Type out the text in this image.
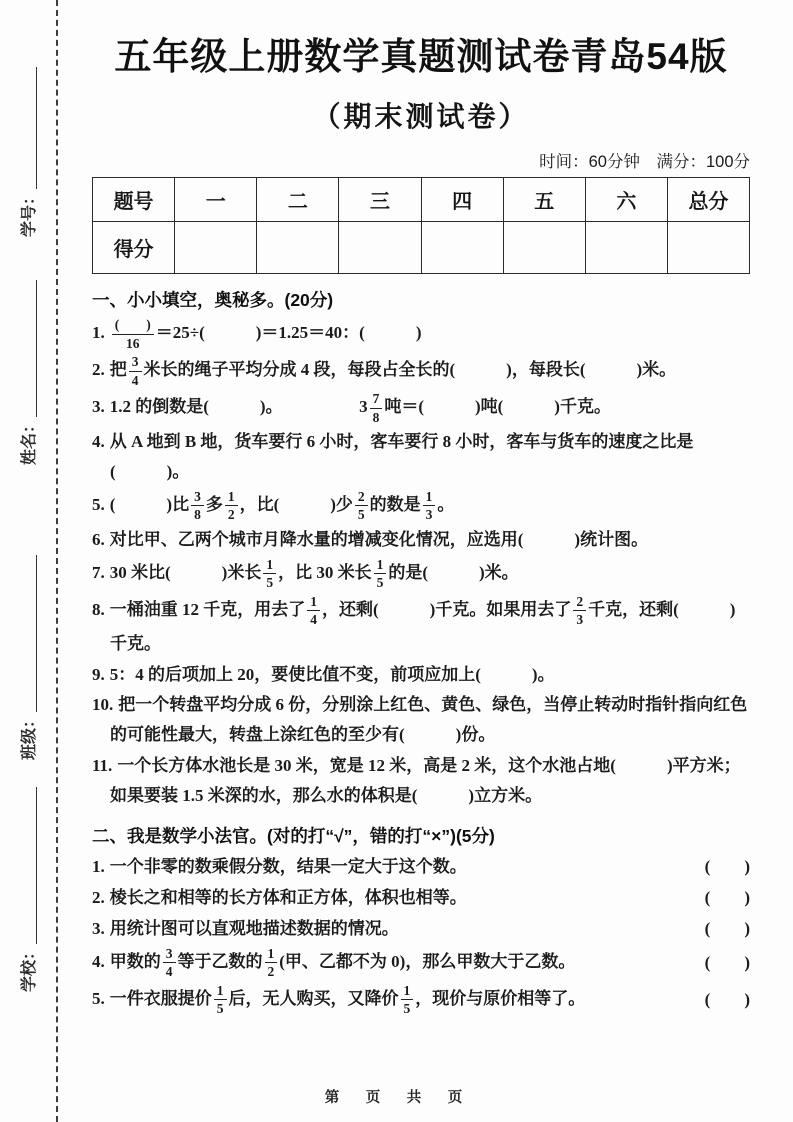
学号：
姓名：
班级：
学校：
五年级上册数学真题测试卷青岛54版
（期末测试卷）
时间：60分钟　满分：100分
题号	一	二	三	四	五	六	总分
得分							
一、小小填空，奥秘多。(20分)
1. $\frac{( )}{16} =25\div$(　　　)＝1.25＝40：(　　　)
2. 把 $\frac{3}{4}$ 米长的绳子平均分成 4 段，每段占全长的(　　　)，每段长(　　　)米。
3. 1.2 的倒数是(　　　)。　　　　　$3 \frac{7}{8}$ 吨＝(　　　)吨(　　　)千克。
4. 从 A 地到 B 地，货车要行 6 小时，客车要行 8 小时，客车与货车的速度之比是(　　　)。
5. (　　　)比 $\frac{3}{8}$ 多 $\frac{1}{2}$ ，比(　　　)少 $\frac{2}{5}$ 的数是 $\frac{1}{3}$ 。
6. 对比甲、乙两个城市月降水量的增减变化情况，应选用(　　　)统计图。
7. 30 米比(　　　)米长 $\frac{1}{5}$ ，比 30 米长 $\frac{1}{5}$ 的是(　　　)米。
8. 一桶油重 12 千克，用去了 $\frac{1}{4}$ ，还剩(　　　)千克。如果用去了 $\frac{2}{3}$ 千克，还剩(　　　)千克。
9. 5：4 的后项加上 20，要使比值不变，前项应加上(　　　)。
10. 把一个转盘平均分成 6 份，分别涂上红色、黄色、绿色，当停止转动时指针指向红色的可能性最大，转盘上涂红色的至少有(　　　)份。
11. 一个长方体水池长是 30 米，宽是 12 米，高是 2 米，这个水池占地(　　　)平方米；如果要装 1.5 米深的水，那么水的体积是(　　　)立方米。
二、我是数学小法官。(对的打“√”，错的打“×”)(5分)
1. 一个非零的数乘假分数，结果一定大于这个数。	(　　)
2. 棱长之和相等的长方体和正方体，体积也相等。	(　　)
3. 用统计图可以直观地描述数据的情况。	(　　)
4. 甲数的 $\frac{3}{4}$ 等于乙数的 $\frac{1}{2}$ (甲、乙都不为 0)，那么甲数大于乙数。	(　　)
5. 一件衣服提价 $\frac{1}{5}$ 后，无人购买，又降价 $\frac{1}{5}$ ，现价与原价相等了。	(　　)
第　页　共　页
